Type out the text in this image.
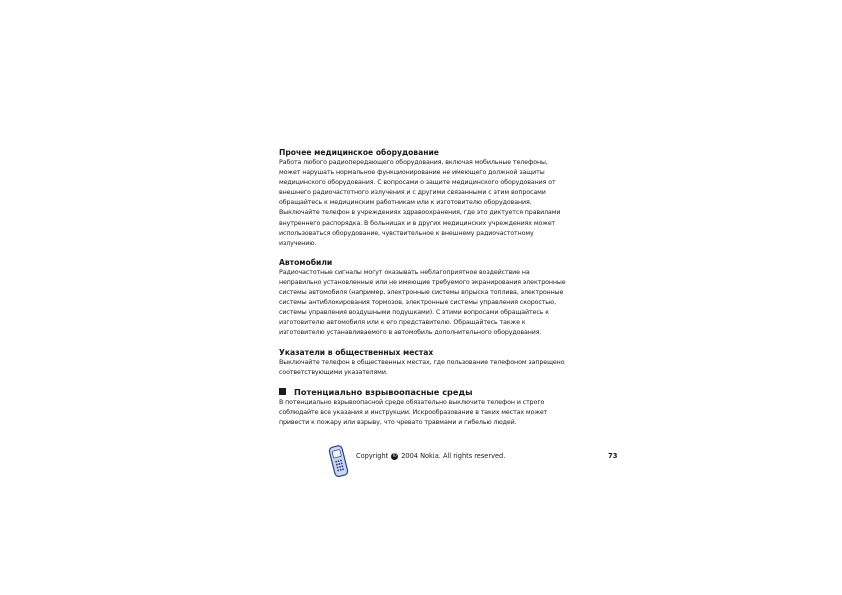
Прочее медицинское оборудование

Работа любого радиопередающего оборудования, включая мобильные телефоны, может нарушать нормальное функционирование не имеющего должной защиты медицинского оборудования. С вопросами о защите медицинского оборудования от внешнего радиочастотного излучения и с другими связанными с этим вопросами обращайтесь к медицинским работникам или к изготовителю оборудования.

Выключайте телефон в учреждениях здравоохранения, где это диктуется правилами внутреннего распорядка. В больницах и в других медицинских учреждениях может использоваться оборудование, чувствительное к внешнему радиочастотному излучению.

Автомобили

Радиочастотные сигналы могут оказывать неблагоприятное воздействие на неправильно установленные или не имеющие требуемого экранирования электронные системы автомобиля (например, электронные системы впрыска топлива, электронные системы антиблокирования тормозов, электронные системы управления скоростью, системы управления воздушными подушками). С этими вопросами обращайтесь к изготовителю автомобиля или к его представителю. Обращайтесь также к изготовителю устанавливаемого в автомобиль дополнительного оборудования.

Указатели в общественных местах

Выключайте телефон в общественных местах, где пользование телефоном запрещено соответствующими указателями.

Потенциально взрывоопасные среды

В потенциально взрывоопасной среде обязательно выключите телефон и строго соблюдайте все указания и инструкции. Искрообразование в таких местах может привести к пожару или взрыву, что чревато травмами и гибелью людей.

Copyright © 2004 Nokia. All rights reserved.	73
